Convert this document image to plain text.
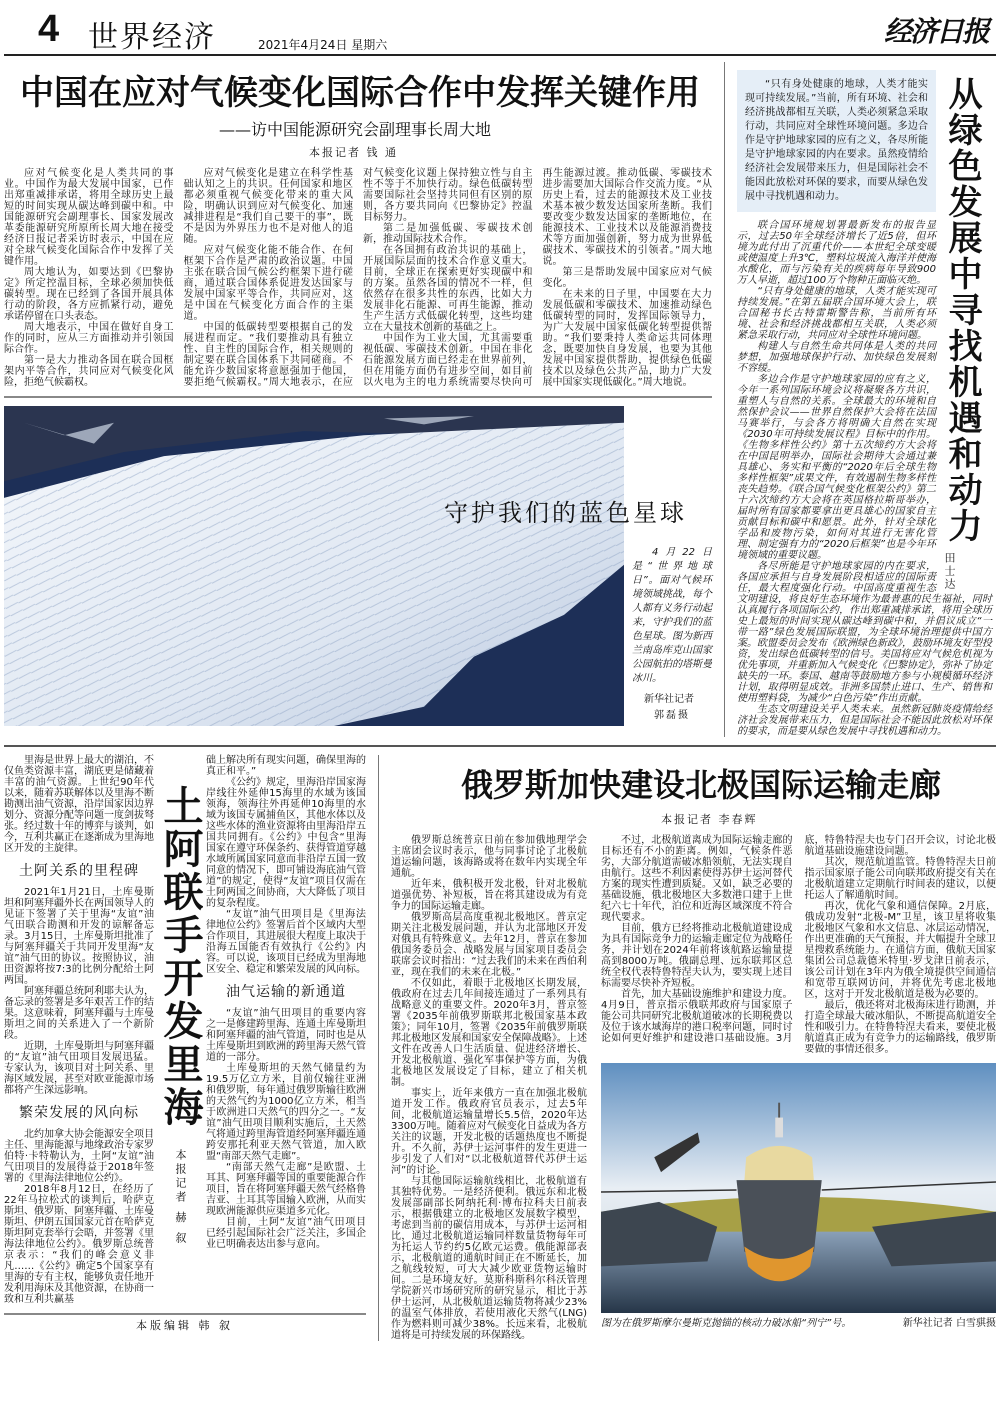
4 世界经济	2021年4月24日 星期六	经济日报
中国在应对气候变化国际合作中发挥关键作用
——访中国能源研究会副理事长周大地
本报记者 钱 通

应对气候变化是人类共同的事业。中国作为最大发展中国家，已作出郑重减排承诺，将用全球历史上最短的时间实现从碳达峰到碳中和。中国能源研究会副理事长、国家发展改革委能源研究所原所长周大地在接受经济日报记者采访时表示，中国在应对全球气候变化国际合作中发挥了关键作用。

周大地认为，如要达到《巴黎协定》所定控温目标，全球必须加快低碳转型。现在已经到了各国开展具体行动的阶段，各方应抓紧行动，避免承诺停留在口头表态。

周大地表示，中国在做好自身工作的同时，应从三方面推动并引领国际合作。

第一是大力推动各国在联合国框架内平等合作，共同应对气候变化风险，拒绝气候霸权。

应对气候变化是建立在科学性基础认知之上的共识。任何国家和地区都必须重视气候变化带来的重大风险，明确认识到应对气候变化、加速减排进程是“我们自己要干的事”，既不是因为外界压力也不是对他人的追随。

应对气候变化能不能合作、在何框架下合作是严肃的政治议题。中国主张在联合国气候公约框架下进行磋商，通过联合国体系促进发达国家与发展中国家平等合作，共同应对，这是中国在气候变化方面合作的主渠道。

中国的低碳转型要根据自己的发展进程而定。“我们要推动具有独立性、自主性的国际合作，相关规则的制定要在联合国体系下共同磋商。不能允许少数国家将意愿强加于他国，要拒绝气候霸权。”周大地表示，在应对气候变化议题上保持独立性与自主性不等于不加快行动。绿色低碳转型需要国际社会坚持共同但有区别的原则，各方要共同向《巴黎协定》控温目标努力。

第二是加强低碳、零碳技术创新，推动国际技术合作。

在各国拥有政治共识的基础上，开展国际层面的技术合作意义重大。目前，全球正在探索更好实现碳中和的方案。虽然各国的情况不一样，但依然存在很多共性的东西，比如大力发展非化石能源、可再生能源，推动生产生活方式低碳化转型，这些均建立在大量技术创新的基础之上。

中国作为工业大国，尤其需要重视低碳、零碳技术创新。中国在非化石能源发展方面已经走在世界前列，但在用能方面仍有进步空间，如目前以火电为主的电力系统需要尽快向可再生能源过渡。推动低碳、零碳技术进步需要加大国际合作交流力度。“从历史上看，过去的能源技术及工业技术基本被少数发达国家所垄断。我们要改变少数发达国家的垄断地位，在能源技术、工业技术以及能源消费技术等方面加强创新，努力成为世界低碳技术、零碳技术的引领者。”周大地说。

第三是帮助发展中国家应对气候变化。

在未来的日子里，中国要在大力发展低碳和零碳技术、加速推动绿色低碳转型的同时，发挥国际领导力，为广大发展中国家低碳化转型提供帮助。“我们要秉持人类命运共同体理念，既要加快自身发展，也要为其他发展中国家提供帮助，提供绿色低碳技术以及绿色公共产品，助力广大发展中国家实现低碳化。”周大地说。

守护我们的蓝色星球

4月22日是“世界地球日”。面对气候环境领域挑战，每个人都有义务行动起来，守护我们的蓝色星球。图为新西兰南岛库克山国家公园航拍的塔斯曼冰川。

新华社记者
郭磊摄
从绿色发展中寻找机遇和动力
田士达

“只有身处健康的地球，人类才能实现可持续发展。”当前，所有环境、社会和经济挑战都相互关联，人类必须紧急采取行动，共同应对全球性环境问题。多边合作是守护地球家园的应有之义，各尽所能是守护地球家园的内在要求。虽然疫情给经济社会发展带来压力，但是国际社会不能因此放松对环保的要求，而要从绿色发展中寻找机遇和动力。

联合国环境规划署最新发布的报告显示，过去50年全球经济增长了近5倍，但环境为此付出了沉重代价——本世纪全球变暖或使温度上升3℃，塑料垃圾流入海洋并使海水酸化，而与污染有关的疾病每年导致900万人早逝，超过100万个物种正面临灭绝。

“只有身处健康的地球，人类才能实现可持续发展。”在第五届联合国环境大会上，联合国秘书长古特雷斯警告称，当前所有环境、社会和经济挑战都相互关联，人类必须紧急采取行动，共同应对全球性环境问题。

构建人与自然生命共同体是人类的共同梦想，加强地球保护行动、加快绿色发展刻不容缓。

多边合作是守护地球家园的应有之义，今年一系列国际环境会议将凝聚各方共识，重塑人与自然的关系。全球最大的环境和自然保护会议——世界自然保护大会将在法国马赛举行，与会各方将明确大自然在实现《2030年可持续发展议程》目标中的作用。《生物多样性公约》第十五次缔约方大会将在中国昆明举办，国际社会期待大会通过兼具雄心、务实和平衡的“2020年后全球生物多样性框架”成果文件，有效遏制生物多样性丧失趋势。《联合国气候变化框架公约》第二十六次缔约方大会将在英国格拉斯哥举办，届时所有国家都要拿出更具雄心的国家自主贡献目标和碳中和愿景。此外，针对全球化学品和废物污染，如何对其进行无害化管理、制定强有力的“2020后框架”也是今年环境领域的重要议题。

各尽所能是守护地球家园的内在要求，各国应承担与自身发展阶段相适应的国际责任，最大程度强化行动。中国高度重视生态文明建设，将良好生态环境作为最普惠的民生福祉，同时认真履行各项国际公约，作出郑重减排承诺，将用全球历史上最短的时间实现从碳达峰到碳中和，并倡议成立“一带一路”绿色发展国际联盟，为全球环境治理提供中国方案。欧盟委员会发布《欧洲绿色新政》，鼓励环境友好型投资，发出绿色低碳转型的信号。美国将应对气候危机视为优先事项，并重新加入气候变化《巴黎协定》，弥补了协定缺失的一环。泰国、越南等鼓励地方参与小规模循环经济计划，取得明显成效。非洲多国禁止进口、生产、销售和使用塑料袋，为减少“白色污染”作出贡献。

生态文明建设关乎人类未来。虽然新冠肺炎疫情给经济社会发展带来压力，但是国际社会不能因此放松对环保的要求，而是要从绿色发展中寻找机遇和动力。

里海是世界上最大的湖泊，不仅鱼类资源丰富，湖底更是储藏着丰富的油气资源。上世纪90年代以来，随着苏联解体以及里海不断勘测出油气资源，沿岸国家因边界划分、资源分配等问题一度剑拔弩张。经过数十年的博弈与谈判，如今，互利共赢正在逐渐成为里海地区开发的主旋律。

土阿关系的里程碑

2021年1月21日，土库曼斯坦和阿塞拜疆外长在两国领导人的见证下签署了关于里海“友谊”油气田联合勘测和开发的谅解备忘录。3月15日，土库曼斯坦批准了与阿塞拜疆关于共同开发里海“友谊”油气田的协议。按照协议，油田资源将按7:3的比例分配给土阿两国。

阿塞拜疆总统阿利耶夫认为，备忘录的签署是多年艰苦工作的结果。这意味着，阿塞拜疆与土库曼斯坦之间的关系进入了一个新阶段。

近期，土库曼斯坦与阿塞拜疆的“友谊”油气田项目发展迅猛。专家认为，该项目对土阿关系、里海区域发展，甚至对欧亚能源市场都将产生深远影响。

繁荣发展的风向标

北约加拿大协会能源安全项目主任、里海能源与地缘政治专家罗伯特·卡特勒认为，土阿“友谊”油气田项目的发展得益于2018年签署的《里海法律地位公约》。

2018年8月12日，在经历了22年马拉松式的谈判后，哈萨克斯坦、俄罗斯、阿塞拜疆、土库曼斯坦、伊朗五国国家元首在哈萨克斯坦阿克套举行会晤，并签署《里海法律地位公约》。俄罗斯总统普京表示：“我们的峰会意义非凡……《公约》确定5个国家享有里海的专有主权，能够负责任地开发利用海床及其他资源，在协商一致和互利共赢基

土阿联手开发里海
本报记者 赫 叙

础上解决所有现实问题，确保里海的真正和平。”

《公约》规定，里海沿岸国家海岸线往外延伸15海里的水域为该国领海，领海往外再延伸10海里的水域为该国专属捕鱼区，其他水体以及这些水体的渔业资源将由里海沿岸五国共同拥有。《公约》中包含“里海国家在遵守环保条约、获得管道穿越水域所属国家同意而非沿岸五国一致同意的情况下，即可铺设海底油气管道”的规定，使得“友谊”项目仅需在土阿两国之间协商，大大降低了项目的复杂程度。

“友谊”油气田项目是《里海法律地位公约》签署后首个区域内大型合作项目，其进展很大程度上取决于沿海五国能否有效执行《公约》内容。可以说，该项目已经成为里海地区安全、稳定和繁荣发展的风向标。

油气运输的新通道

“友谊”油气田项目的重要内容之一是修建跨里海、连通土库曼斯坦和阿塞拜疆的油气管道，同时也是从土库曼斯坦到欧洲的跨里海天然气管道的一部分。

土库曼斯坦的天然气储量约为19.5万亿立方米，目前仅输往亚洲和俄罗斯，每年通过俄罗斯输往欧洲的天然气约为1000亿立方米，相当于欧洲进口天然气的四分之一。“友谊”油气田项目顺利实施后，土天然气将通过跨里海管道经阿塞拜疆连通跨安那托利亚天然气管道，加入欧盟“南部天然气走廊”。

“南部天然气走廊”是欧盟、土耳其、阿塞拜疆等国的重要能源合作项目，旨在将阿塞拜疆天然气经格鲁吉亚、土耳其等国输入欧洲，从而实现欧洲能源供应渠道多元化。

目前，土阿“友谊”油气田项目已经引起国际社会广泛关注，多国企业已明确表达出参与意向。

本版编辑 韩 叙
俄罗斯加快建设北极国际运输走廊
本报记者 李春辉

俄罗斯总统普京日前在参加俄地理学会主席团会议时表示，他与同事讨论了北极航道运输问题，该海路或将在数年内实现全年通航。

近年来，俄积极开发北极，针对北极航道强优势、补短板，旨在将其建设成为有竞争力的国际运输走廊。

俄罗斯高层高度重视北极地区。普京定期关注北极发展问题，并认为北部地区开发对俄具有特殊意义。去年12月，普京在参加俄国务委员会、战略发展与国家项目委员会联席会议时指出：“过去我们的未来在西伯利亚，现在我们的未来在北极。”

不仅如此，着眼于北极地区长期发展，俄政府在过去几年间接连通过了一系列具有战略意义的重要文件。2020年3月，普京签署《2035年前俄罗斯联邦北极国家基本政策》；同年10月，签署《2035年前俄罗斯联邦北极地区发展和国家安全保障战略》。上述文件在改善人口生活质量、促进经济增长、开发北极航道、强化军事保护等方面，为俄北极地区发展设定了目标，建立了相关机制。

事实上，近年来俄方一直在加强北极航道开发工作。俄政府官员表示，过去5年间，北极航道运输量增长5.5倍，2020年达3300万吨。随着应对气候变化日益成为各方关注的议题，开发北极的话题热度也不断提升。不久前，苏伊士运河事件的发生更进一步引发了人们对“以北极航道替代苏伊士运河”的讨论。

与其他国际运输航线相比，北极航道有其独特优势。一是经济便利。俄远东和北极发展部副部长阿纳托利·博布拉科夫日前表示，根据俄建立的北极地区发展数字模型，考虑到当前的碳信用成本，与苏伊士运河相比，通过北极航道运输同样数量货物每年可为托运人节约约5亿欧元运费。俄能源部表示，北极航道的通航时间正在不断延长，加之航线较短，可大大减少欧亚货物运输时间。二是环境友好。莫斯科斯科尔科沃管理学院新兴市场研究所的研究显示，相比于苏伊士运河，从北极航道运输货物将减少23%的温室气体排放，若使用液化天然气(LNG)作为燃料则可减少38%。长远来看，北极航道将是可持续发展的环保路线。

不过，北极航道离成为国际运输走廊的目标还有不小的距离。例如，气候条件恶劣，大部分航道需破冰船领航，无法实现自由航行。这些不利因素使得苏伊士运河替代方案的现实性遭到质疑。又如，缺乏必要的基础设施，俄北极地区大多数港口建于上世纪六七十年代，泊位和近海区域深度不符合现代要求。

目前，俄方已经将推动北极航道建设成为具有国际竞争力的运输走廊定位为战略任务，并计划在2024年前将该航路运输量提高到8000万吨。俄副总理、远东联邦区总统全权代表特鲁特涅夫认为，要实现上述目标需要尽快补齐短板。

首先，加大基础设施维护和建设力度。4月9日，普京指示俄联邦政府与国家原子能公司共同研究北极航道破冰的长期税费以及位于该水域海岸的港口税率问题，同时讨论如何更好维护和建设港口基础设施。3月底，特鲁特涅夫也专门召开会议，讨论北极航道基础设施建设问题。

其次，规范航道监管。特鲁特涅夫日前指示国家原子能公司向联邦政府提交有关在北极航道建立定期航行时间表的建议，以便托运人了解通航时间。

再次，优化气象和通信保障。2月底，俄成功发射“北极-M”卫星，该卫星将收集北极地区气象和水文信息、冰层运动情况，作出更准确的天气预报，并大幅提升全球卫星搜救系统能力。在通信方面，俄航天国家集团公司总裁德米特里·罗戈津日前表示，该公司计划在3年内为俄全境提供空间通信和宽带互联网访问，并将优先考虑北极地区，这对于开发北极航道是极为必要的。

最后，俄还将对北极海床进行勘测，并打造全球最大破冰船队，不断提高航道安全性和吸引力。在特鲁特涅夫看来，要使北极航道真正成为有竞争力的运输路线，俄罗斯要做的事情还很多。

图为在俄罗斯摩尔曼斯克抛锚的核动力破冰船“列宁”号。	新华社记者 白雪骐摄
